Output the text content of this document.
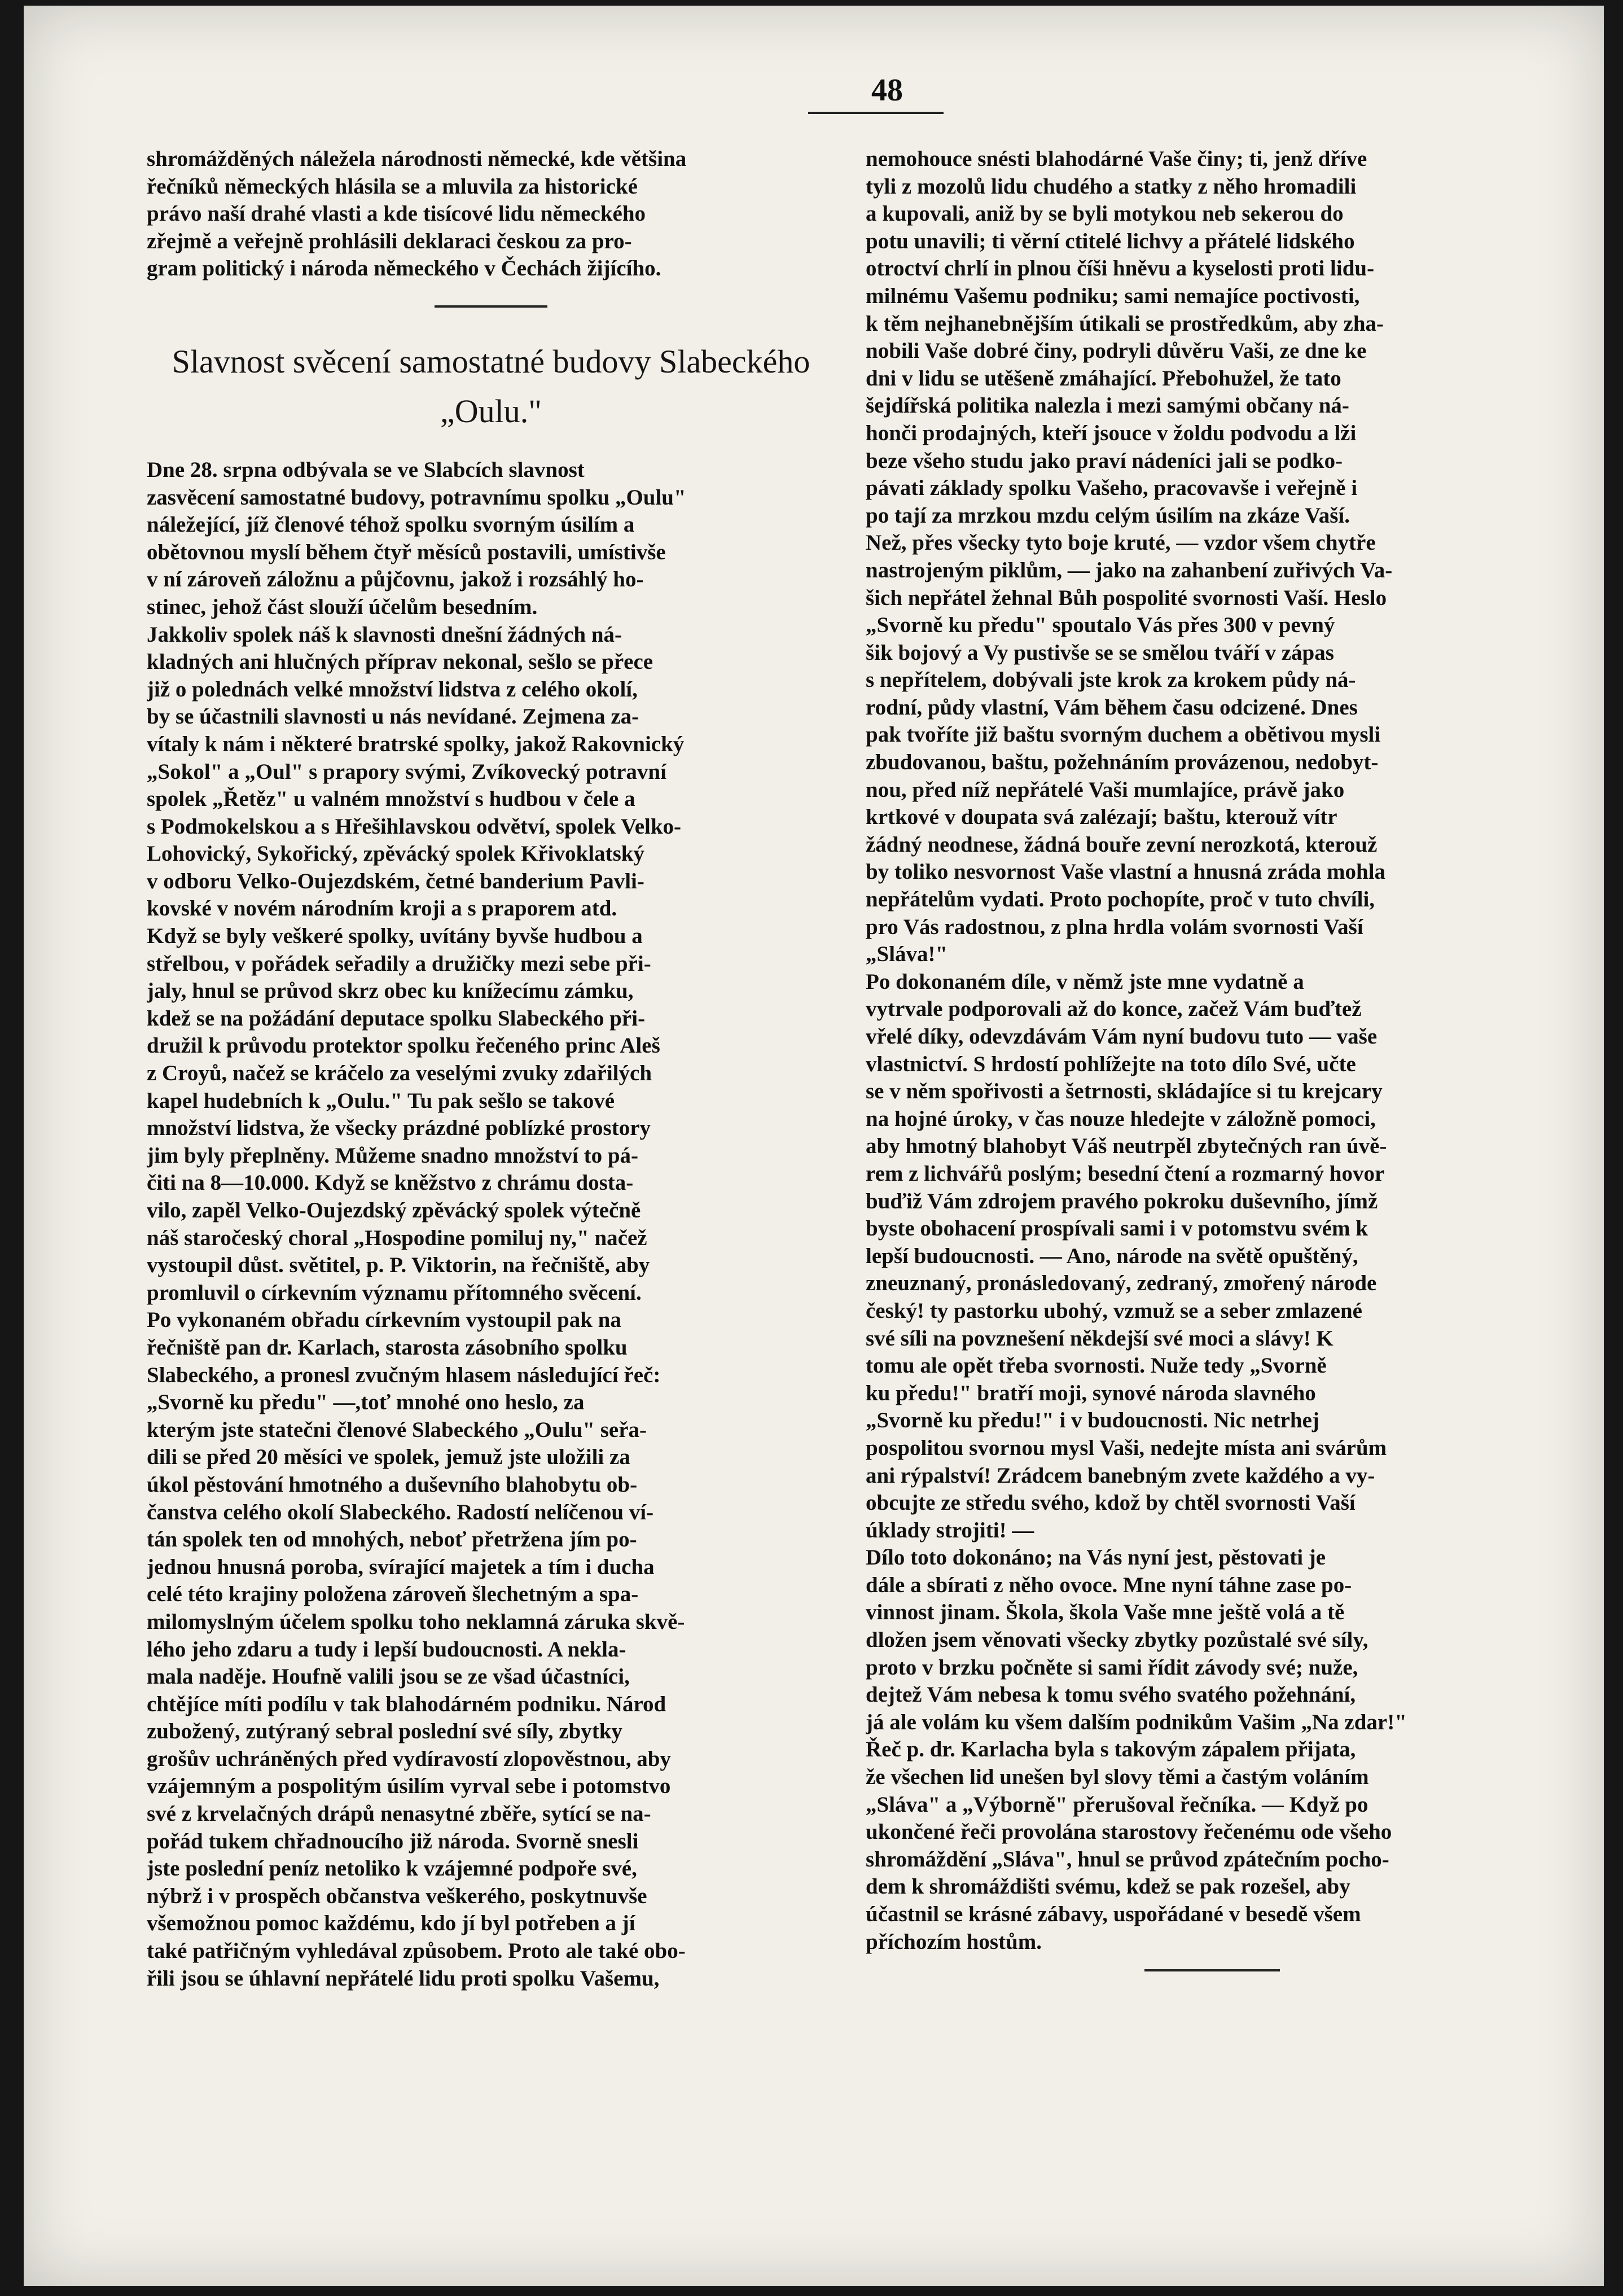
48
shromážděných náležela národnosti německé, kde většina
řečníků německých hlásila se a mluvila za historické
právo naší drahé vlasti a kde tisícové lidu německého
zřejmě a veřejně prohlásili deklaraci českou za pro-
gram politický i národa německého v Čechách žijícího.
Slavnost svěcení samostatné budovy Slabeckého „Oulu."
Dne 28. srpna odbývala se ve Slabcích slavnost
zasvěcení samostatné budovy, potravnímu spolku „Oulu"
náležející, jíž členové téhož spolku svorným úsilím a
obětovnou myslí během čtyř měsíců postavili, umístivše
v ní zároveň záložnu a půjčovnu, jakož i rozsáhlý ho-
stinec, jehož část slouží účelům besedním.
Jakkoliv spolek náš k slavnosti dnešní žádných ná-
kladných ani hlučných příprav nekonal, sešlo se přece
již o polednách velké množství lidstva z celého okolí,
by se účastnili slavnosti u nás nevídané. Zejmena za-
vítaly k nám i některé bratrské spolky, jakož Rakovnický
„Sokol" a „Oul" s prapory svými, Zvíkovecký potravní
spolek „Řetěz" u valném množství s hudbou v čele a
s Podmokelskou a s Hřešihlavskou odvětví, spolek Velko-
Lohovický, Sykořický, zpěvácký spolek Křivoklatský
v odboru Velko-Oujezdském, četné banderium Pavli-
kovské v novém národním kroji a s praporem atd.
Když se byly veškeré spolky, uvítány byvše hudbou a
střelbou, v pořádek seřadily a družičky mezi sebe při-
jaly, hnul se průvod skrz obec ku knížecímu zámku,
kdež se na požádání deputace spolku Slabeckého při-
družil k průvodu protektor spolku řečeného princ Aleš
z Croyů, načež se kráčelo za veselými zvuky zdařilých
kapel hudebních k „Oulu." Tu pak sešlo se takové
množství lidstva, že všecky prázdné poblízké prostory
jim byly přeplněny. Můžeme snadno množství to pá-
čiti na 8—10.000. Když se kněžstvo z chrámu dosta-
vilo, zapěl Velko-Oujezdský zpěvácký spolek výtečně
náš staročeský choral „Hospodine pomiluj ny," načež
vystoupil důst. světitel, p. P. Viktorin, na řečniště, aby
promluvil o církevním významu přítomného svěcení.
Po vykonaném obřadu církevním vystoupil pak na
řečniště pan dr. Karlach, starosta zásobního spolku
Slabeckého, a pronesl zvučným hlasem následující řeč:
„Svorně ku předu" —,toť mnohé ono heslo, za
kterým jste statečni členové Slabeckého „Oulu" seřa-
dili se před 20 měsíci ve spolek, jemuž jste uložili za
úkol pěstování hmotného a duševního blahobytu ob-
čanstva celého okolí Slabeckého. Radostí nelíčenou ví-
tán spolek ten od mnohých, neboť přetržena jím po-
jednou hnusná poroba, svírající majetek a tím i ducha
celé této krajiny položena zároveň šlechetným a spa-
milomyslným účelem spolku toho neklamná záruka skvě-
lého jeho zdaru a tudy i lepší budoucnosti. A nekla-
mala naděje. Houfně valili jsou se ze všad účastníci,
chtějíce míti podílu v tak blahodárném podniku. Národ
zubožený, zutýraný sebral poslední své síly, zbytky
grošův uchráněných před vydíravostí zlopověstnou, aby
vzájemným a pospolitým úsilím vyrval sebe i potomstvo
své z krvelačných drápů nenasytné zběře, sytící se na-
pořád tukem chřadnoucího již národa. Svorně snesli
jste poslední peníz netoliko k vzájemné podpoře své,
nýbrž i v prospěch občanstva veškerého, poskytnuvše
všemožnou pomoc každému, kdo jí byl potřeben a jí
také patřičným vyhledával způsobem. Proto ale také obo-
řili jsou se úhlavní nepřátelé lidu proti spolku Vašemu,
nemohouce snésti blahodárné Vaše činy; ti, jenž dříve
tyli z mozolů lidu chudého a statky z něho hromadili
a kupovali, aniž by se byli motykou neb sekerou do
potu unavili; ti věrní ctitelé lichvy a přátelé lidského
otroctví chrlí in plnou číši hněvu a kyselosti proti lidu-
milnému Vašemu podniku; sami nemajíce poctivosti,
k těm nejhanebnějším útikali se prostředkům, aby zha-
nobili Vaše dobré činy, podryli důvěru Vaši, ze dne ke
dni v lidu se utěšeně zmáhající. Přebohužel, že tato
šejdířská politika nalezla i mezi samými občany ná-
honči prodajných, kteří jsouce v žoldu podvodu a lži
beze všeho studu jako praví nádeníci jali se podko-
pávati základy spolku Vašeho, pracovavše i veřejně i
po tají za mrzkou mzdu celým úsilím na zkáze Vaší.
Než, přes všecky tyto boje kruté, — vzdor všem chytře
nastrojeným piklům, — jako na zahanbení zuřivých Va-
šich nepřátel žehnal Bůh pospolité svornosti Vaší. Heslo
„Svorně ku předu" spoutalo Vás přes 300 v pevný
šik bojový a Vy pustivše se se smělou tváří v zápas
s nepřítelem, dobývali jste krok za krokem půdy ná-
rodní, půdy vlastní, Vám během času odcizené. Dnes
pak tvoříte již baštu svorným duchem a obětivou mysli
zbudovanou, baštu, požehnáním provázenou, nedobyt-
nou, před níž nepřátelé Vaši mumlajíce, právě jako
krtkové v doupata svá zalézají; baštu, kterouž vítr
žádný neodnese, žádná bouře zevní nerozkotá, kterouž
by toliko nesvornost Vaše vlastní a hnusná zráda mohla
nepřátelům vydati. Proto pochopíte, proč v tuto chvíli,
pro Vás radostnou, z plna hrdla volám svornosti Vaší
„Sláva!"
Po dokonaném díle, v němž jste mne vydatně a
vytrvale podporovali až do konce, začež Vám buďtež
vřelé díky, odevzdávám Vám nyní budovu tuto — vaše
vlastnictví. S hrdostí pohlížejte na toto dílo Své, učte
se v něm spořivosti a šetrnosti, skládajíce si tu krejcary
na hojné úroky, v čas nouze hledejte v záložně pomoci,
aby hmotný blahobyt Váš neutrpěl zbytečných ran úvě-
rem z lichvářů poslým; besední čtení a rozmarný hovor
buďiž Vám zdrojem pravého pokroku duševního, jímž
byste obohacení prospívali sami i v potomstvu svém k
lepší budoucnosti. — Ano, národe na světě opuštěný,
zneuznaný, pronásledovaný, zedraný, zmořený národe
český! ty pastorku ubohý, vzmuž se a seber zmlazené
své síli na povznešení někdejší své moci a slávy! K
tomu ale opět třeba svornosti. Nuže tedy „Svorně
ku předu!" bratří moji, synové národa slavného
„Svorně ku předu!" i v budoucnosti. Nic netrhej
pospolitou svornou mysl Vaši, nedejte místa ani svárům
ani rýpalství! Zrádcem banebným zvete každého a vy-
obcujte ze středu svého, kdož by chtěl svornosti Vaší
úklady strojiti! —
Dílo toto dokonáno; na Vás nyní jest, pěstovati je
dále a sbírati z něho ovoce. Mne nyní táhne zase po-
vinnost jinam. Škola, škola Vaše mne ještě volá a tě
dložen jsem věnovati všecky zbytky pozůstalé své síly,
proto v brzku počněte si sami řídit závody své; nuže,
dejtež Vám nebesa k tomu svého svatého požehnání,
já ale volám ku všem dalším podnikům Vašim „Na zdar!"
Řeč p. dr. Karlacha byla s takovým zápalem přijata,
že všechen lid unešen byl slovy těmi a častým voláním
„Sláva" a „Výborně" přerušoval řečníka. — Když po
ukončené řeči provolána starostovy řečenému ode všeho
shromáždění „Sláva", hnul se průvod zpátečním pocho-
dem k shromáždišti svému, kdež se pak rozešel, aby
účastnil se krásné zábavy, uspořádané v besedě všem
příchozím hostům.
